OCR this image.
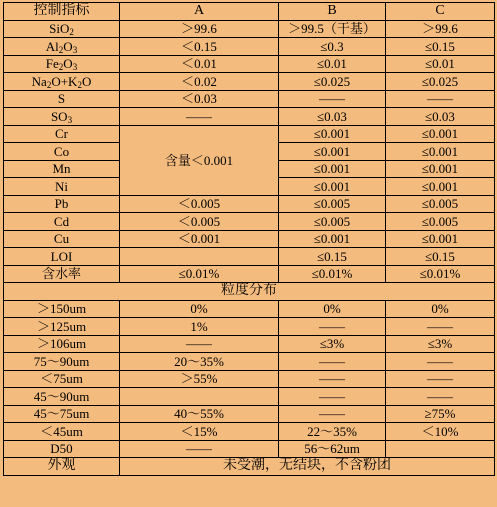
控制指标	A	B	C
SiO$_2$	＞99.6	＞99.5（干基）	＞99.6
$Al_2O_3$	＜0.15	≤0.3	≤0.15
$Fe_2O_3$	＜0.01	≤0.01	≤0.01
$Na_2O+K_2O$	＜0.02	≤0.025	≤0.025
S	＜0.03	——	——
$SO_3$	——	≤0.03	≤0.03
Cr	含量＜0.001	≤0.001	≤0.001
Co		≤0.001	≤0.001
Mn		≤0.001	≤0.001
Ni		≤0.001	≤0.001
Pb	＜0.005	≤0.005	≤0.005
Cd	＜0.005	≤0.005	≤0.005
Cu	＜0.001	≤0.001	≤0.001
LOI		≤0.15	≤0.15
含水率	≤0.01%	≤0.01%	≤0.01%
粒度分布			
＞150um	0%	0%	0%
＞125um	1%	——	——
＞106um	——	≤3%	≤3%
75～90um	20～35%	——	——
＜75um	＞55%	——	——
45～90um		——	——
45～75um	40～55%	——	≥75%
＜45um	＜15%	22～35%	＜10%
D50	——	56～62um	
外观	未受潮，无结块，不含粉团		
